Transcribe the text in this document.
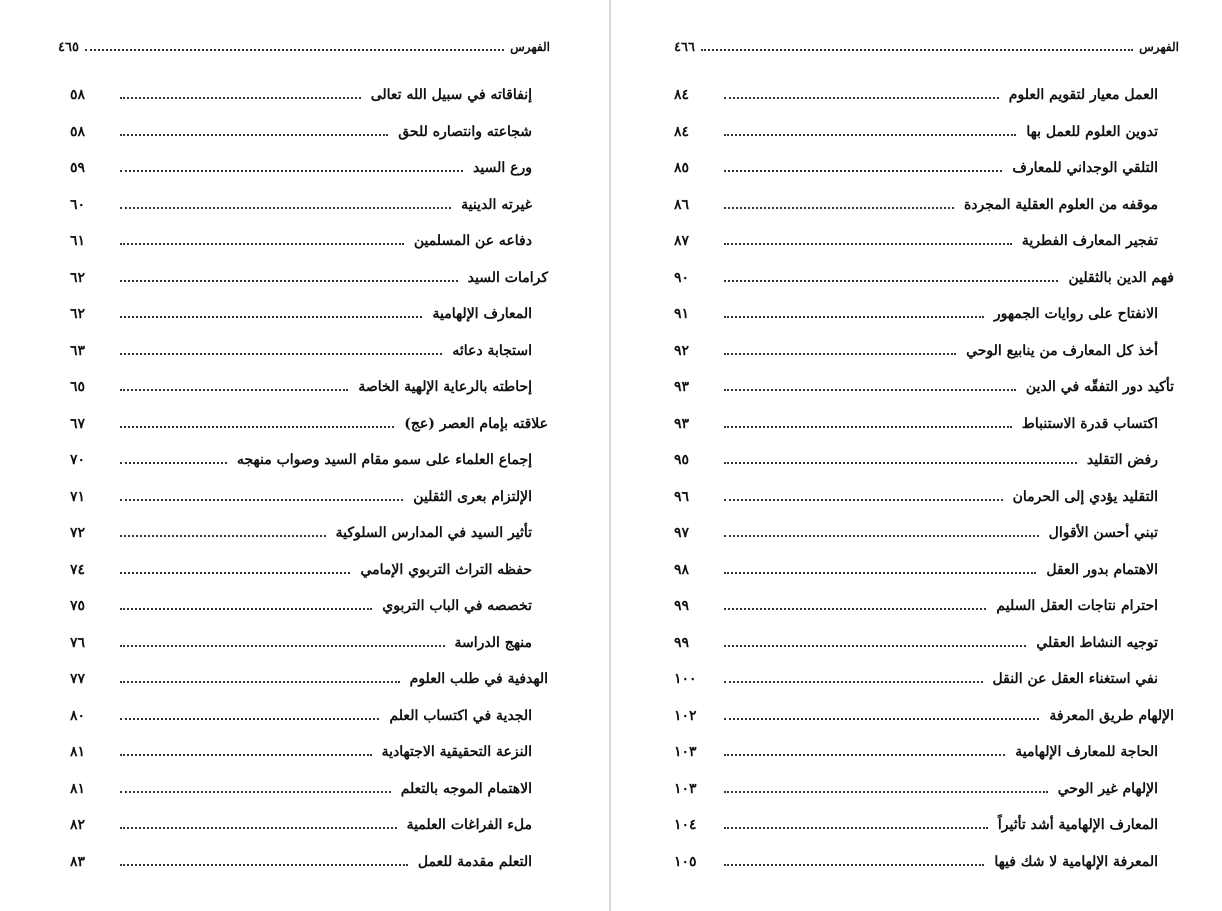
الفهرس
٤٦٥
إنفاقاته في سبيل الله تعالى
٥٨
شجاعته وانتصاره للحق
٥٨
ورع السيد
٥٩
غيرته الدينية
٦٠
دفاعه عن المسلمين
٦١
كرامات السيد
٦٢
المعارف الإلهامية
٦٢
استجابة دعائه
٦٣
إحاطته بالرعاية الإلهية الخاصة
٦٥
علاقته بإمام العصر (عج)
٦٧
إجماع العلماء على سمو مقام السيد وصواب منهجه
٧٠
الإلتزام بعرى الثقلين
٧١
تأثير السيد في المدارس السلوكية
٧٢
حفظه التراث التربوي الإمامي
٧٤
تخصصه في الباب التربوي
٧٥
منهج الدراسة
٧٦
الهدفية في طلب العلوم
٧٧
الجدية في اكتساب العلم
٨٠
النزعة التحقيقية الاجتهادية
٨١
الاهتمام الموجه بالتعلم
٨١
ملء الفراغات العلمية
٨٢
التعلم مقدمة للعمل
٨٣
الفهرس
٤٦٦
العمل معيار لتقويم العلوم
٨٤
تدوين العلوم للعمل بها
٨٤
التلقي الوجداني للمعارف
٨٥
موقفه من العلوم العقلية المجردة
٨٦
تفجير المعارف الفطرية
٨٧
فهم الدين بالثقلين
٩٠
الانفتاح على روايات الجمهور
٩١
أخذ كل المعارف من ينابيع الوحي
٩٢
تأكيد دور التفقّه في الدين
٩٣
اكتساب قدرة الاستنباط
٩٣
رفض التقليد
٩٥
التقليد يؤدي إلى الحرمان
٩٦
تبني أحسن الأقوال
٩٧
الاهتمام بدور العقل
٩٨
احترام نتاجات العقل السليم
٩٩
توجيه النشاط العقلي
٩٩
نفي استغناء العقل عن النقل
١٠٠
الإلهام طريق المعرفة
١٠٢
الحاجة للمعارف الإلهامية
١٠٣
الإلهام غير الوحي
١٠٣
المعارف الإلهامية أشد تأثيراً
١٠٤
المعرفة الإلهامية لا شك فيها
١٠٥
